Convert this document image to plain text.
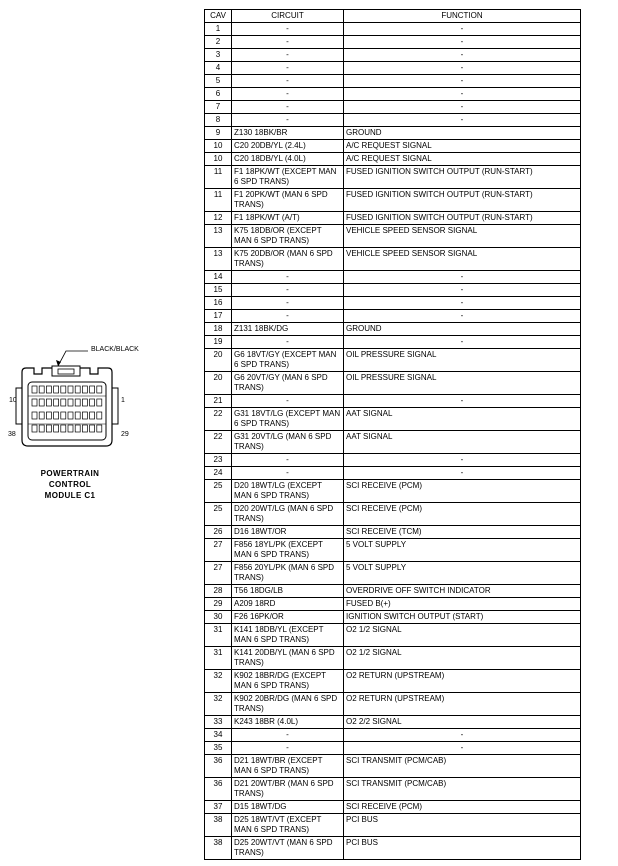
BLACK/BLACK
10	1
38	29
POWERTRAIN
CONTROL
MODULE C1
CAV	CIRCUIT	FUNCTION
1	-	-
2	-	-
3	-	-
4	-	-
5	-	-
6	-	-
7	-	-
8	-	-
9	Z130 18BK/BR	GROUND
10	C20 20DB/YL (2.4L)	A/C REQUEST SIGNAL
10	C20 18DB/YL (4.0L)	A/C REQUEST SIGNAL
11	F1 18PK/WT (EXCEPT MAN 6 SPD TRANS)	FUSED IGNITION SWITCH OUTPUT (RUN-START)
11	F1 20PK/WT (MAN 6 SPD TRANS)	FUSED IGNITION SWITCH OUTPUT (RUN-START)
12	F1 18PK/WT (A/T)	FUSED IGNITION SWITCH OUTPUT (RUN-START)
13	K75 18DB/OR (EXCEPT MAN 6 SPD TRANS)	VEHICLE SPEED SENSOR SIGNAL
13	K75 20DB/OR (MAN 6 SPD TRANS)	VEHICLE SPEED SENSOR SIGNAL
14	-	-
15	-	-
16	-	-
17	-	-
18	Z131 18BK/DG	GROUND
19	-	-
20	G6 18VT/GY (EXCEPT MAN 6 SPD TRANS)	OIL PRESSURE SIGNAL
20	G6 20VT/GY (MAN 6 SPD TRANS)	OIL PRESSURE SIGNAL
21	-	-
22	G31 18VT/LG (EXCEPT MAN 6 SPD TRANS)	AAT SIGNAL
22	G31 20VT/LG (MAN 6 SPD TRANS)	AAT SIGNAL
23	-	-
24	-	-
25	D20 18WT/LG (EXCEPT MAN 6 SPD TRANS)	SCI RECEIVE (PCM)
25	D20 20WT/LG (MAN 6 SPD TRANS)	SCI RECEIVE (PCM)
26	D16 18WT/OR	SCI RECEIVE (TCM)
27	F856 18YL/PK (EXCEPT MAN 6 SPD TRANS)	5 VOLT SUPPLY
27	F856 20YL/PK (MAN 6 SPD TRANS)	5 VOLT SUPPLY
28	T56 18DG/LB	OVERDRIVE OFF SWITCH INDICATOR
29	A209 18RD	FUSED B(+)
30	F26 16PK/OR	IGNITION SWITCH OUTPUT (START)
31	K141 18DB/YL (EXCEPT MAN 6 SPD TRANS)	O2 1/2 SIGNAL
31	K141 20DB/YL (MAN 6 SPD TRANS)	O2 1/2 SIGNAL
32	K902 18BR/DG (EXCEPT MAN 6 SPD TRANS)	O2 RETURN (UPSTREAM)
32	K902 20BR/DG (MAN 6 SPD TRANS)	O2 RETURN (UPSTREAM)
33	K243 18BR (4.0L)	O2 2/2 SIGNAL
34	-	-
35	-	-
36	D21 18WT/BR (EXCEPT MAN 6 SPD TRANS)	SCI TRANSMIT (PCM/CAB)
36	D21 20WT/BR (MAN 6 SPD TRANS)	SCI TRANSMIT (PCM/CAB)
37	D15 18WT/DG	SCI RECEIVE (PCM)
38	D25 18WT/VT (EXCEPT MAN 6 SPD TRANS)	PCI BUS
38	D25 20WT/VT (MAN 6 SPD TRANS)	PCI BUS
